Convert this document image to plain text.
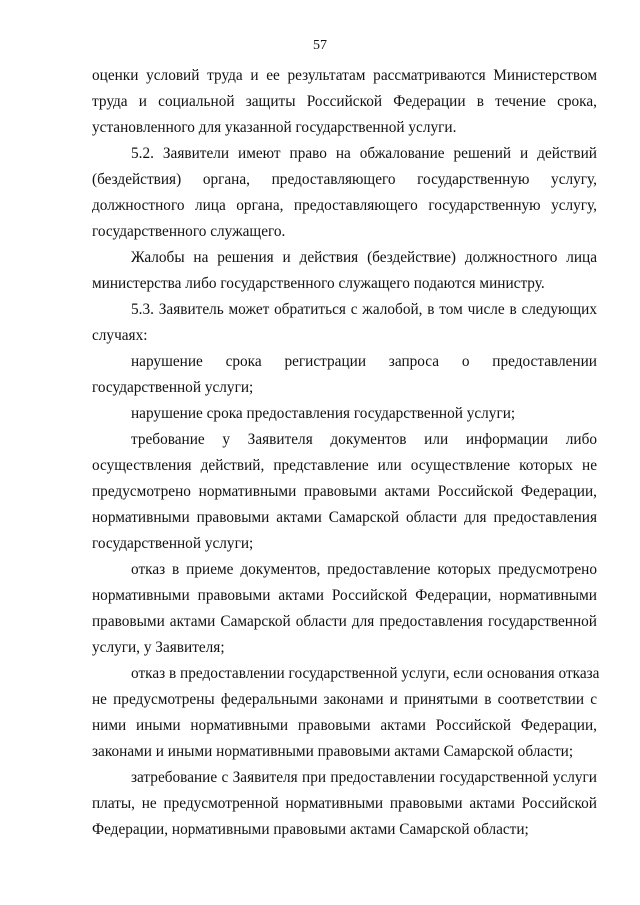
57
оценки условий труда и ее результатам рассматриваются Министерством
труда и социальной защиты Российской Федерации в течение срока,
установленного для указанной государственной услуги.
5.2. Заявители имеют право на обжалование решений и действий
(бездействия) органа, предоставляющего государственную услугу,
должностного лица органа, предоставляющего государственную услугу,
государственного служащего.
Жалобы на решения и действия (бездействие) должностного лица
министерства либо государственного служащего подаются министру.
5.3. Заявитель может обратиться с жалобой, в том числе в следующих
случаях:
нарушение срока регистрации запроса о предоставлении
государственной услуги;
нарушение срока предоставления государственной услуги;
требование у Заявителя документов или информации либо
осуществления действий, представление или осуществление которых не
предусмотрено нормативными правовыми актами Российской Федерации,
нормативными правовыми актами Самарской области для предоставления
государственной услуги;
отказ в приеме документов, предоставление которых предусмотрено
нормативными правовыми актами Российской Федерации, нормативными
правовыми актами Самарской области для предоставления государственной
услуги, у Заявителя;
отказ в предоставлении государственной услуги, если основания отказа
не предусмотрены федеральными законами и принятыми в соответствии с
ними иными нормативными правовыми актами Российской Федерации,
законами и иными нормативными правовыми актами Самарской области;
затребование с Заявителя при предоставлении государственной услуги
платы, не предусмотренной нормативными правовыми актами Российской
Федерации, нормативными правовыми актами Самарской области;
